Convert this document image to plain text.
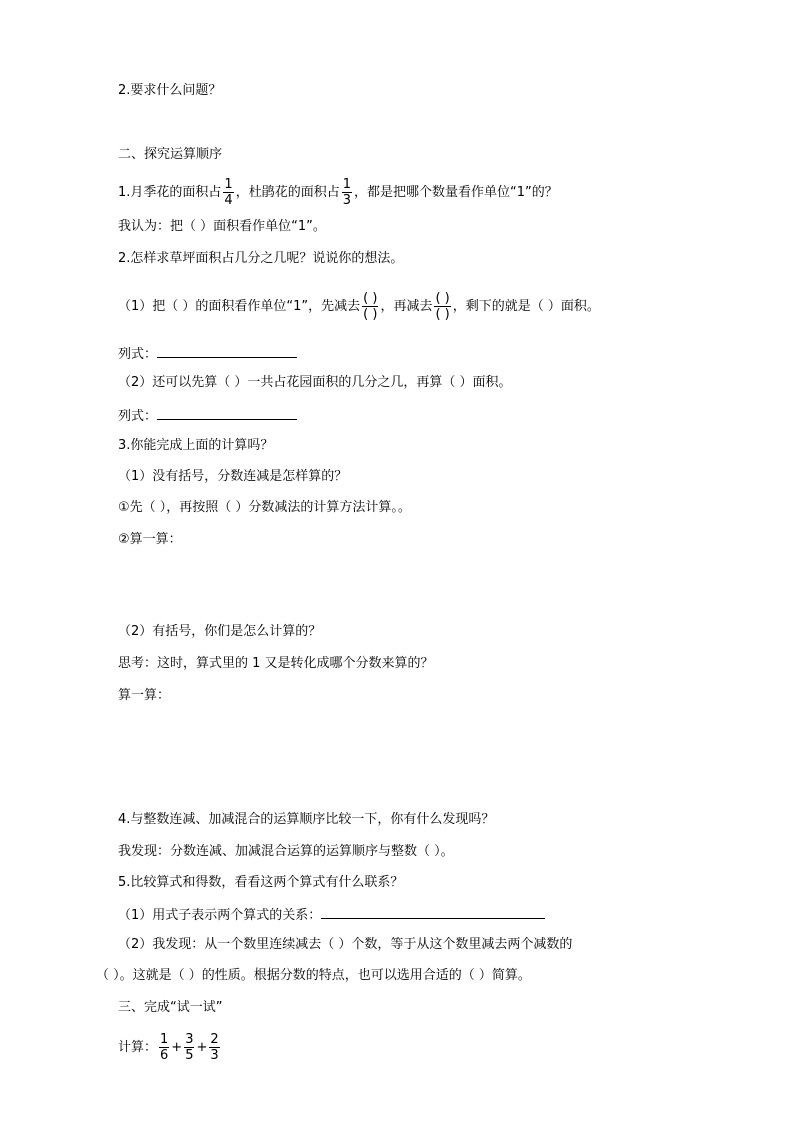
2.要求什么问题？
二、探究运算顺序
1.月季花的面积占 $\frac{1}{4}$ ，杜鹃花的面积占 $\frac{1}{3}$ ，都是把哪个数量看作单位“1”的？
我认为：把（ ）面积看作单位“1”。
2.怎样求草坪面积占几分之几呢？说说你的想法。
（1）把（ ）的面积看作单位“1”，先减去 $\frac{( )}{( )}$ ，再减去 $\frac{( )}{( )}$ ，剩下的就是（ ）面积。
列式：
（2）还可以先算（ ）一共占花园面积的几分之几，再算（ ）面积。
列式：
3.你能完成上面的计算吗？
（1）没有括号，分数连减是怎样算的？
①先（ ），再按照（ ）分数减法的计算方法计算。。
②算一算：
（2）有括号，你们是怎么计算的？
思考：这时，算式里的 1 又是转化成哪个分数来算的？
算一算：
4.与整数连减、加减混合的运算顺序比较一下，你有什么发现吗？
我发现：分数连减、加减混合运算的运算顺序与整数（ ）。
5.比较算式和得数，看看这两个算式有什么联系？
（1）用式子表示两个算式的关系：
（2）我发现：从一个数里连续减去（ ）个数，等于从这个数里减去两个减数的
（ ）。这就是（ ）的性质。根据分数的特点，也可以选用合适的（ ）简算。
三、完成“试一试”
计算： $\frac{1}{6} + \frac{3}{5} + \frac{2}{3}$
